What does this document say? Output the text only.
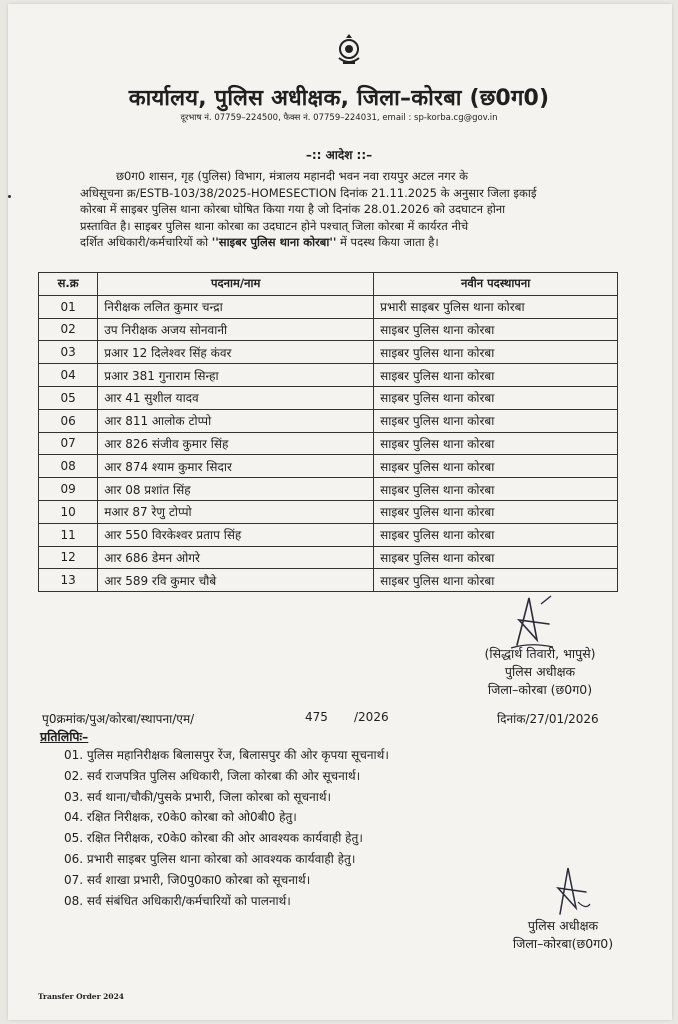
कार्यालय, पुलिस अधीक्षक, जिला–कोरबा (छ0ग0)
दूरभाष नं. 07759–224500, फैक्स नं. 07759–224031, email : sp-korba.cg@gov.in
–:: आदेश ::–
छ0ग0 शासन, गृह (पुलिस) विभाग, मंत्रालय महानदी भवन नवा रायपुर अटल नगर के
अधिसूचना क्र/ESTB-103/38/2025-HOMESECTION दिनांक 21.11.2025 के अनुसार जिला इकाई
कोरबा में साइबर पुलिस थाना कोरबा घोषित किया गया है जो दिनांक 28.01.2026 को उदघाटन होना
प्रस्तावित है। साइबर पुलिस थाना कोरबा का उदघाटन होने पश्चात् जिला कोरबा में कार्यरत नीचे
दर्शित अधिकारी/कर्मचारियों को ''साइबर पुलिस थाना कोरबा'' में पदस्थ किया जाता है।
स.क्र	पदनाम/नाम	नवीन पदस्थापना
01	निरीक्षक ललित कुमार चन्द्रा	प्रभारी साइबर पुलिस थाना कोरबा
02	उप निरीक्षक अजय सोनवानी	साइबर पुलिस थाना कोरबा
03	प्रआर 12 दिलेश्वर सिंह कंवर	साइबर पुलिस थाना कोरबा
04	प्रआर 381 गुनाराम सिन्हा	साइबर पुलिस थाना कोरबा
05	आर 41 सुशील यादव	साइबर पुलिस थाना कोरबा
06	आर 811 आलोक टोप्पो	साइबर पुलिस थाना कोरबा
07	आर 826 संजीव कुमार सिंह	साइबर पुलिस थाना कोरबा
08	आर 874 श्याम कुमार सिदार	साइबर पुलिस थाना कोरबा
09	आर 08 प्रशांत सिंह	साइबर पुलिस थाना कोरबा
10	मआर 87 रेणु टोप्पो	साइबर पुलिस थाना कोरबा
11	आर 550 विरकेश्वर प्रताप सिंह	साइबर पुलिस थाना कोरबा
12	आर 686 डेमन ओगरे	साइबर पुलिस थाना कोरबा
13	आर 589 रवि कुमार चौबे	साइबर पुलिस थाना कोरबा
(सिद्धार्थ तिवारी, भापुसे)
पुलिस अधीक्षक
जिला–कोरबा (छ0ग0)
पृ0क्रमांक/पुअ/कोरबा/स्थापना/एम/	475 /2026	दिनांक/27/01/2026
प्रतिलिपिः–
01. पुलिस महानिरीक्षक बिलासपुर रेंज, बिलासपुर की ओर कृपया सूचनार्थ।
02. सर्व राजपत्रित पुलिस अधिकारी, जिला कोरबा की ओर सूचनार्थ।
03. सर्व थाना/चौकी/पुसके प्रभारी, जिला कोरबा को सूचनार्थ।
04. रक्षित निरीक्षक, र0के0 कोरबा को ओ0बी0 हेतु।
05. रक्षित निरीक्षक, र0के0 कोरबा की ओर आवश्यक कार्यवाही हेतु।
06. प्रभारी साइबर पुलिस थाना कोरबा को आवश्यक कार्यवाही हेतु।
07. सर्व शाखा प्रभारी, जि0पु0का0 कोरबा को सूचनार्थ।
08. सर्व संबंधित अधिकारी/कर्मचारियों को पालनार्थ।
पुलिस अधीक्षक
जिला–कोरबा(छ0ग0)
Transfer Order 2024
